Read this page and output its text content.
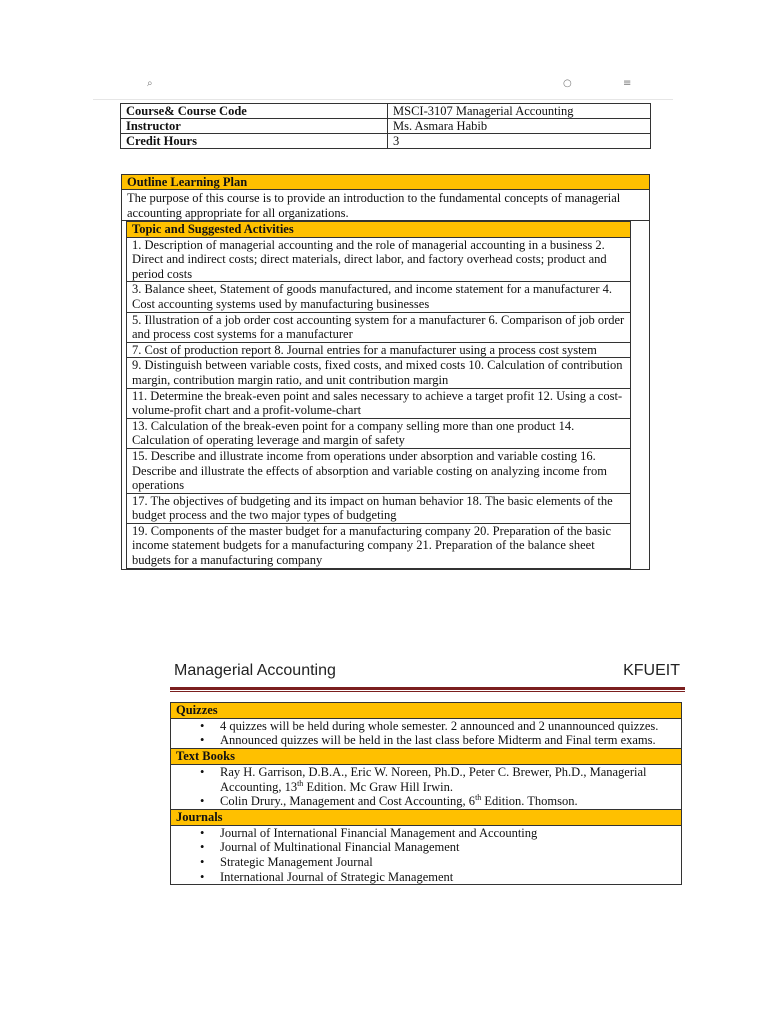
⌕	○	≡
Course& Course Code	MSCI-3107 Managerial Accounting
Instructor	Ms. Asmara Habib
Credit Hours	3
Outline Learning Plan
The purpose of this course is to provide an introduction to the fundamental concepts of managerial accounting appropriate for all organizations.

Topic and Suggested Activities
1. Description of managerial accounting and the role of managerial accounting in a business 2. Direct and indirect costs; direct materials, direct labor, and factory overhead costs; product and period costs
3. Balance sheet, Statement of goods manufactured, and income statement for a manufacturer 4. Cost accounting systems used by manufacturing businesses
5. Illustration of a job order cost accounting system for a manufacturer 6. Comparison of job order and process cost systems for a manufacturer
7. Cost of production report 8. Journal entries for a manufacturer using a process cost system
9. Distinguish between variable costs, fixed costs, and mixed costs 10. Calculation of contribution margin, contribution margin ratio, and unit contribution margin
11. Determine the break-even point and sales necessary to achieve a target profit 12. Using a cost-volume-profit chart and a profit-volume-chart
13. Calculation of the break-even point for a company selling more than one product 14. Calculation of operating leverage and margin of safety
15. Describe and illustrate income from operations under absorption and variable costing 16. Describe and illustrate the effects of absorption and variable costing on analyzing income from operations
17. The objectives of budgeting and its impact on human behavior 18. The basic elements of the budget process and the two major types of budgeting
19. Components of the master budget for a manufacturing company 20. Preparation of the basic income statement budgets for a manufacturing company 21. Preparation of the balance sheet budgets for a manufacturing company
Managerial Accounting	KFUEIT
Quizzes

• 4 quizzes will be held during whole semester. 2 announced and 2 unannounced quizzes.
• Announced quizzes will be held in the last class before Midterm and Final term exams.

Text Books

• Ray H. Garrison, D.B.A., Eric W. Noreen, Ph.D., Peter C. Brewer, Ph.D., Managerial Accounting, 13th Edition. Mc Graw Hill Irwin.
• Colin Drury., Management and Cost Accounting, 6th Edition. Thomson.

Journals

• Journal of International Financial Management and Accounting
• Journal of Multinational Financial Management
• Strategic Management Journal
• International Journal of Strategic Management
